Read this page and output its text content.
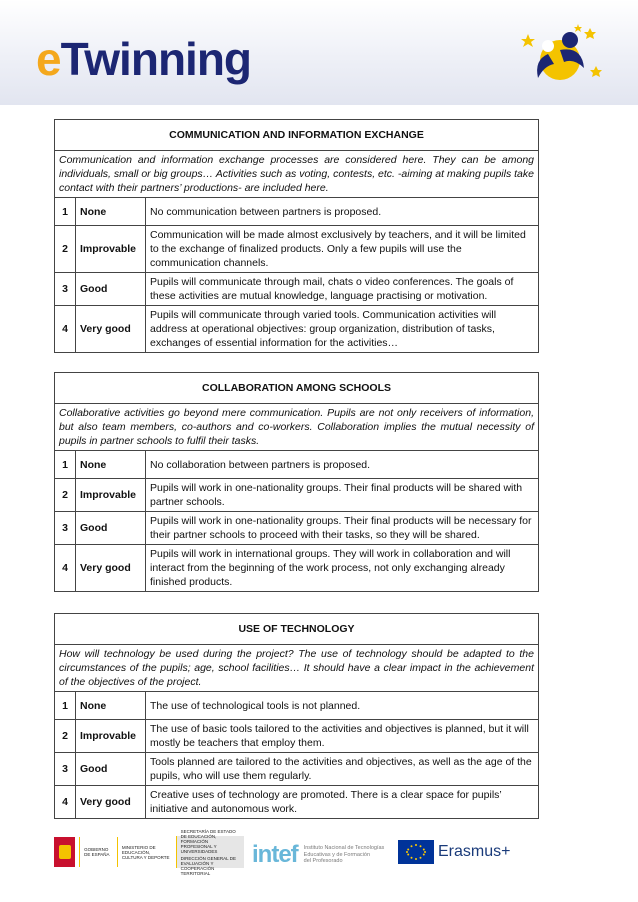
eTwinning
COMMUNICATION AND INFORMATION EXCHANGE		
Communication and information exchange processes are considered here. They can be among individuals, small or big groups… Activities such as voting, contests, etc. -aiming at making pupils take contact with their partners’ productions- are included here.		
1	None	No communication between partners is proposed.
2	Improvable	Communication will be made almost exclusively by teachers, and it will be limited to the exchange of finalized products. Only a few pupils will use the communication channels.
3	Good	Pupils will communicate through mail, chats o video conferences. The goals of these activities are mutual knowledge, language practising or motivation.
4	Very good	Pupils will communicate through varied tools. Communication activities will address at operational objectives: group organization, distribution of tasks, exchanges of essential information for the activities…
COLLABORATION AMONG SCHOOLS		
Collaborative activities go beyond mere communication. Pupils are not only receivers of information, but also team members, co-authors and co-workers. Collaboration implies the mutual necessity of pupils in partner schools to fulfil their tasks.		
1	None	No collaboration between partners is proposed.
2	Improvable	Pupils will work in one-nationality groups. Their final products will be shared with partner schools.
3	Good	Pupils will work in one-nationality groups. Their final products will be necessary for their partner schools to proceed with their tasks, so they will be shared.
4	Very good	Pupils will work in international groups. They will work in collaboration and will interact from the beginning of the work process, not only exchanging already finished products.
USE OF TECHNOLOGY		
How will technology be used during the project? The use of technology should be adapted to the circumstances of the pupils; age, school facilities… It should have a clear impact in the achievement of the objectives of the project.		
1	None	The use of technological tools is not planned.
2	Improvable	The use of basic tools tailored to the activities and objectives is planned, but it will mostly be teachers that employ them.
3	Good	Tools planned are tailored to the activities and objectives, as well as the age of the pupils, who will use them regularly.
4	Very good	Creative uses of technology are promoted. There is a clear space for pupils’ initiative and autonomous work.
GOBIERNO DE ESPAÑA
MINISTERIO DE EDUCACIÓN, CULTURA Y DEPORTE
SECRETARÍA DE ESTADO DE EDUCACIÓN, FORMACIÓN PROFESIONAL Y UNIVERSIDADES
DIRECCIÓN GENERAL DE EVALUACIÓN Y COOPERACIÓN TERRITORIAL
intef Instituto Nacional de Tecnologías
Educativas y de Formación
del Profesorado
Erasmus+
